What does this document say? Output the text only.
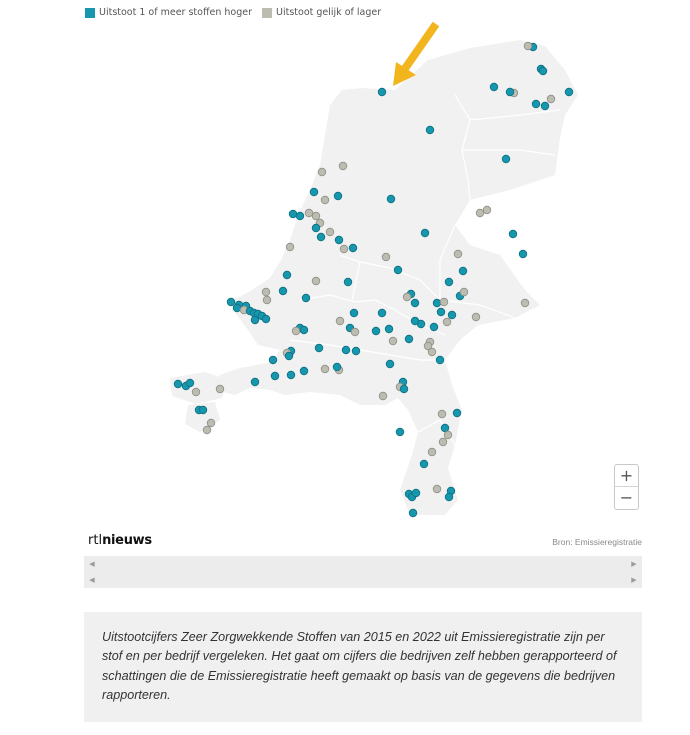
Uitstoot 1 of meer stoffen hoger	Uitstoot gelijk of lager
+
−
rtlnieuws	Bron: Emissieregistratie
◀	▶
◀	▶

Uitstootcijfers Zeer Zorgwekkende Stoffen van 2015 en 2022 uit Emissieregistratie zijn per stof en per bedrijf vergeleken. Het gaat om cijfers die bedrijven zelf hebben gerapporteerd of schattingen die de Emissieregistratie heeft gemaakt op basis van de gegevens die bedrijven rapporteren.
